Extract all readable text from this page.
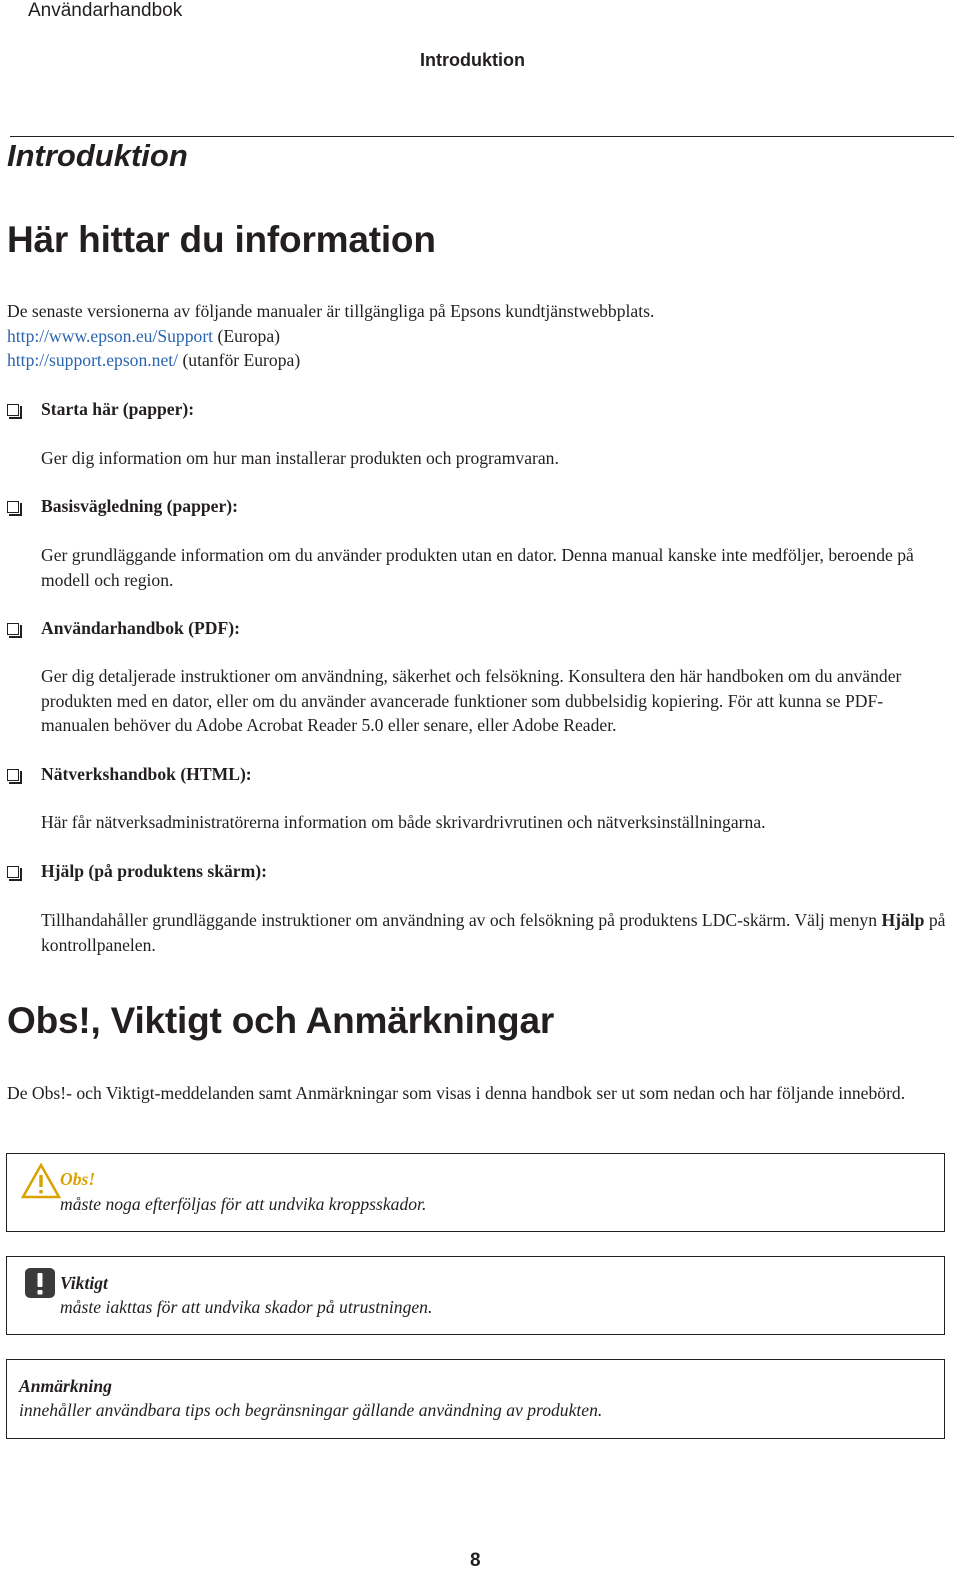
Användarhandbok
Introduktion
Introduktion
Här hittar du information
De senaste versionerna av följande manualer är tillgängliga på Epsons kundtjänstwebbplats.
http://www.epson.eu/Support (Europa)
http://support.epson.net/ (utanför Europa)
Starta här (papper):
Ger dig information om hur man installerar produkten och programvaran.
Basisvägledning (papper):
Ger grundläggande information om du använder produkten utan en dator. Denna manual kanske inte medföljer, beroende på modell och region.
Användarhandbok (PDF):
Ger dig detaljerade instruktioner om användning, säkerhet och felsökning. Konsultera den här handboken om du använder produkten med en dator, eller om du använder avancerade funktioner som dubbelsidig kopiering. För att kunna se PDF-manualen behöver du Adobe Acrobat Reader 5.0 eller senare, eller Adobe Reader.
Nätverkshandbok (HTML):
Här får nätverksadministratörerna information om både skrivardrivrutinen och nätverksinställningarna.
Hjälp (på produktens skärm):
Tillhandahåller grundläggande instruktioner om användning av och felsökning på produktens LDC-skärm. Välj menyn Hjälp på kontrollpanelen.
Obs!, Viktigt och Anmärkningar
De Obs!- och Viktigt-meddelanden samt Anmärkningar som visas i denna handbok ser ut som nedan och har följande innebörd.
Obs!
måste noga efterföljas för att undvika kroppsskador.
Viktigt
måste iakttas för att undvika skador på utrustningen.
Anmärkning
innehåller användbara tips och begränsningar gällande användning av produkten.
8
